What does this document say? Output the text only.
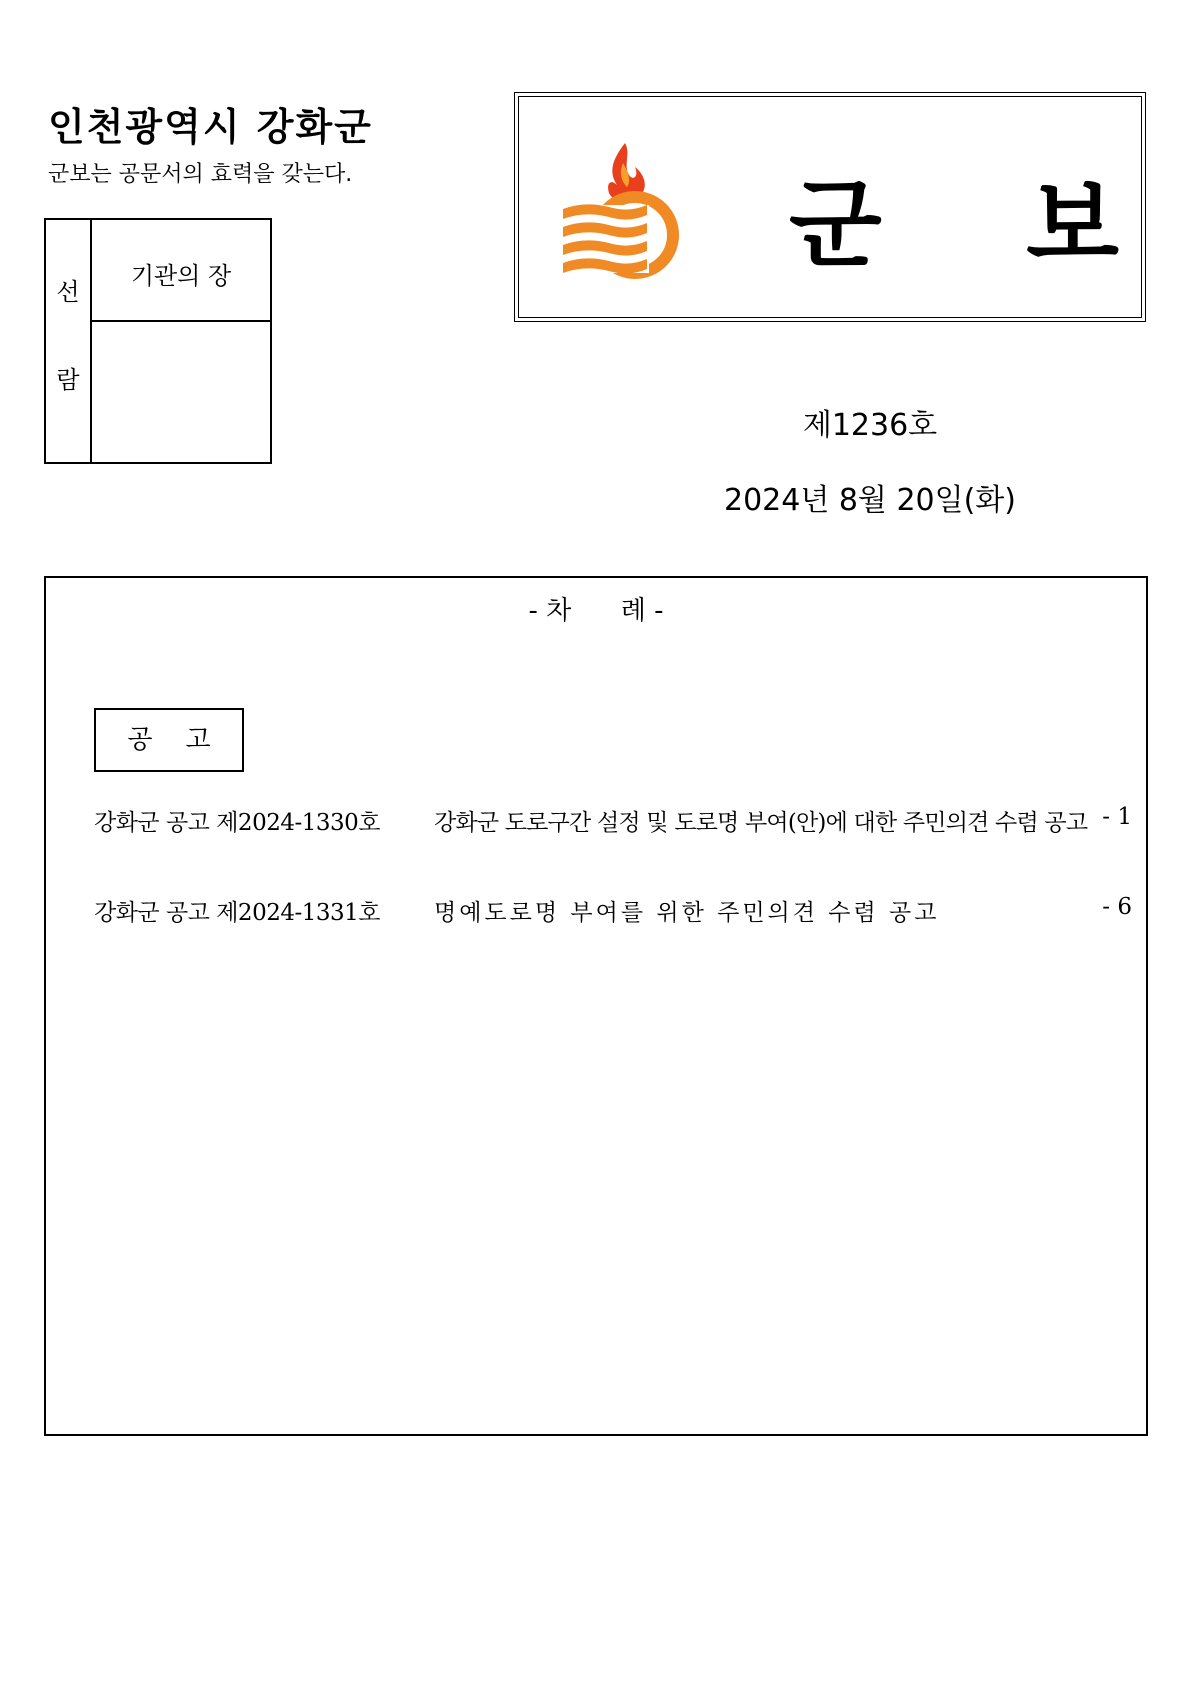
인천광역시 강화군
군보는 공문서의 효력을 갖는다.
선
람
기관의 장	군 보
제1236호
2024년 8월 20일(화)
- 차      례 -
공    고
강화군 공고 제2024-1330호 강화군 도로구간 설정 및 도로명 부여(안)에 대한 주민의견 수렴 공고 - 1
강화군 공고 제2024-1331호 명예도로명 부여를 위한 주민의견 수렴 공고	- 6
